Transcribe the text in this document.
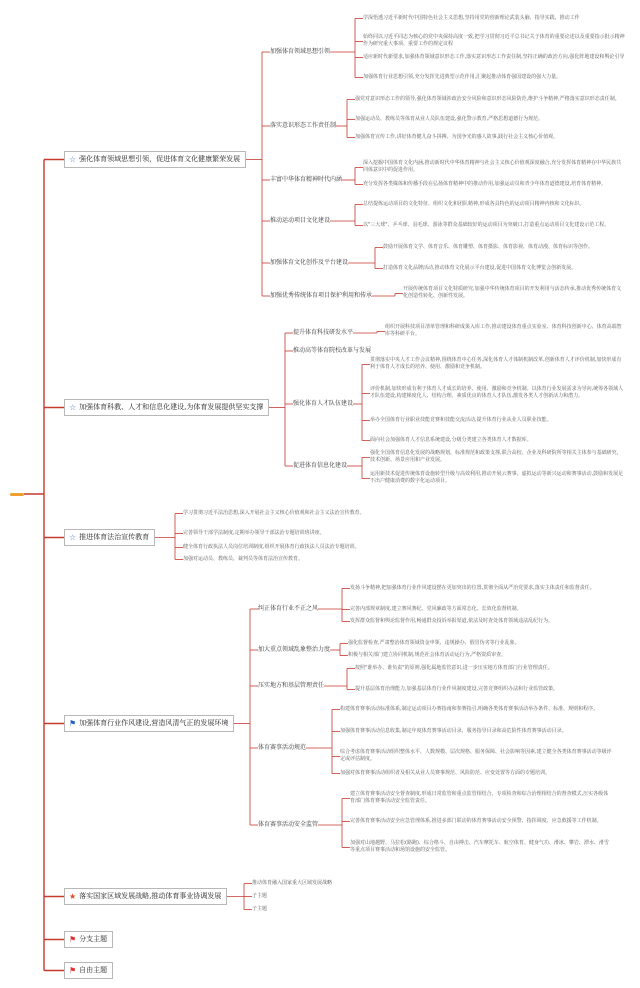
☆ 强化体育领域思想引领，促进体育文化健康繁荣发展
加强体育领域思想引领
学深悟透习近平新时代中国特色社会主义思想,坚持用党的创新理论武装头脑、指导实践、推动工作
始终同以习近平同志为核心的党中央保持高度一致,把学习贯彻习近平总书记关于体育的重要论述以及重要指示批示精神作为研究重大事项、重要工作的规定议程
适应新时代新要求,加强体育领域意识形态工作,落实意识形态工作责任制,坚持正确的政治方向,强化阵地建设和舆论引导
加强体育行业思想引领,充分发挥先进典型示范作用,汇聚起推动体育强国建设的强大力量。
落实意识形态工作责任制
强党对意识形态工作的领导,强化体育领域涉政治安全风险和意识形态风险防范,维护斗争精神,严格落实意识形态责任制。
加强运动员、教练员等体育从业人员队伍建设,强化警示教育,严格思想道德行为规范。
加强体育宣传工作,讲好体育健儿奋斗拼搏、为国争光的感人故事,践行社会主义核心价值观。
丰富中华体育精神时代内涵
深入挖掘中国体育文化内涵,推动新时代中华体育精神与社会主义核心价值观深度融合,充分发挥体育精神在中华民族共同体意识中的促进作用。
充分发挥各类媒体和传播手段在弘扬体育精神中的推动作用,加强运动员和青少年体育道德建设,培育体育精神。
推动运动项目文化建设
总结提炼运动项目的文化特征、组织文化和团队精神,形成各具特色的运动项目精神内核和文化标识。
以"三大球"、乒乓球、羽毛球、游泳等群众基础较好的运动项目为突破口,打造重点运动项目文化建设示范工程。
加强体育文化创作及平台建设
鼓励开展体育文学、体育音乐、体育雕塑、体育摄影、体育影视、体育动漫、体育标识等创作。
打造体育文化品牌活动,推动体育文化展示平台建设,促进中国体育文化博览会创新发展。
加强优秀传统体育项目保护利用和传承
开展传统体育项目文化特质研究,加强中华传统体育项目的开发利用与活态传承,推动优秀传统体育文化创造性转化、创新性发展。
☆ 加强体育科教、人才和信息化建设,为体育发展提供坚实支撑
提升体育科技研发水平
组织开展科技项目清单管理和科研成果入库工作,推动建设体育重点实验室、体育科技创新中心、体育高端智库等科研平台。
推动高等体育院校改革与发展
强化体育人才队伍建设
贯彻落实中央人才工作会议精神,围绕体育中心任务,深化体育人才体制机制改革,创新体育人才评价机制,加快形成有利于体育人才成长的培养、使用、激励和竞争机制。
评价机制,加快形成有利于体育人才成长的培养、使用、激励和竞争机制。以体育行业发展需求为导向,统筹各领域人才队伍建设,构建梯度化人、结构合理、素质优良的体育人才队伍,激发各类人才创新活力和潜力。
举办全国体育行业职业技能竞赛和技能交流活动,提升体育行业从业人员职业技能。
面向社会加强体育人才信息系统建设,分级分类建立各类体育人才数据库。
促进体育信息化建设
强化全国体育信息化发展的战略规划、标准规范和政策支撑,联合高校、企业及科研院所等相关主体参与基础研究、技术创新、场景应用和产业发展。
运用新技术促进传统体育设施转型升级与高效利用,推动开展云赛事、虚拟运动等新兴运动和赛事活动,鼓励和发展足不出户健康消费的数字化运动项目。
☆ 推进体育法治宣传教育
学习贯彻习近平法治思想,深入开展社会主义核心价值观和社会主义法治宣传教育。
完善领导干部学法制度,定期举办领导干部法治专题培训班讲座。
健全体育行政执法人员岗位培训制度,组织开展体育行政执法人员法治专题培训。
加强对运动员、教练员、裁判员等体育法治宣传教育。
⚑ 加强体育行业作风建设,营造风清气正的发展环境
纠正体育行业不正之风
发扬斗争精神,把加强体育行业作风建设摆在更加突出的位置,贯彻全面从严治党要求,落实主体责任和监督责任。
完善内部规章制度,建立赛风赛纪、党风廉政等方面常态化、长效化监督机制。
发挥群众监督和舆论监督作用,畅通群众投诉举报渠道,依法及时查处体育领域违法乱纪行为。
加大重点领域乱象整治力度
强化监督检查,严肃整治体育领域资金申领、违规操办、假冒伪劣等行业乱象。
积极与相关部门建立协同机制,规范社会体育活动运行为,严格资质审查。
压实地方和基层管理责任
按照"谁举办、谁负责"的原则,强化属地监管意识,进一步压实地方体育部门行业管理责任。
提升基层体育治理能力,加强基层体育行业作风制度建设,完善竞赛组织办法和行业监管政策。
体育赛事活动规范
构建体育赛事活动标准体系,制定运动项目办赛指南和参赛指引,明确各类体育赛事活动举办条件、标准、规则和程序。
加强体育赛事活动信息收集,制定年度体育赛事活动目录、服务指导目录和高危险性体育赛事活动目录。
综合考虑体育赛事活动组织整体水平、人数规模、层次规格、服务保障、社会影响等因素,建立健全各类体育赛事活动等级评定或评估制度。
加强对体育赛事活动组织者及相关从业人员赛事规范、风险防范、应变处置等方面的专题培训。
体育赛事活动安全监管
建立体育赛事活动安全督查制度,形成日常监管和重点监管相结合、专项检查和综合治理相结合的督查模式,压实各级体育部门体育赛事活动安全监管责任。
完善体育赛事活动安全应急管理体系,推进多部门联动的体育赛事活动安全预警、指挥调度、应急救援等工作机制。
加强对山地越野、马拉松(路跑)、综合格斗、自由搏击、汽车摩托车、航空体育、健身气功、滑冰、攀岩、漂水、滑雪等重点项目赛事活动和场馆设施的安全监管。
★ 落实国家区域发展战略,推动体育事业协调发展
推动体育融入国家重大区域发展战略
子主题
子主题
⚑ 分支主题
⚑ 自由主题
